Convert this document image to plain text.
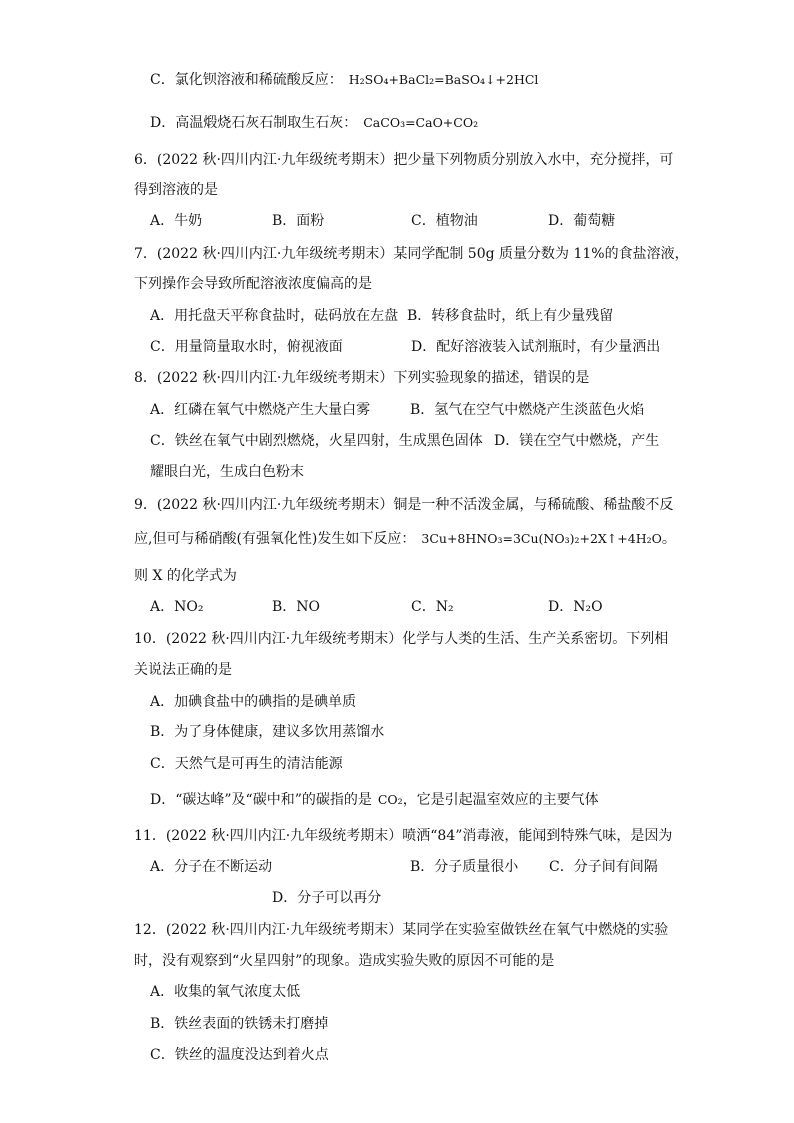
C．氯化钡溶液和稀硫酸反应： H₂SO₄+BaCl₂=BaSO₄↓+2HCl
D．高温煅烧石灰石制取生石灰： CaCO₃=CaO+CO₂
6．(2022 秋·四川内江·九年级统考期末）把少量下列物质分别放入水中，充分搅拌，可
得到溶液的是
A．牛奶	B．面粉	C．植物油	D．葡萄糖
7．(2022 秋·四川内江·九年级统考期末）某同学配制 50g 质量分数为 11%的食盐溶液，
下列操作会导致所配溶液浓度偏高的是
A．用托盘天平称食盐时，砝码放在左盘 B．转移食盐时，纸上有少量残留
C．用量筒量取水时，俯视液面	D．配好溶液装入试剂瓶时，有少量洒出
8．(2022 秋·四川内江·九年级统考期末）下列实验现象的描述，错误的是
A．红磷在氧气中燃烧产生大量白雾	B．氢气在空气中燃烧产生淡蓝色火焰
C．铁丝在氧气中剧烈燃烧，火星四射，生成黑色固体 D．镁在空气中燃烧，产生
耀眼白光，生成白色粉末
9．(2022 秋·四川内江·九年级统考期末）铜是一种不活泼金属，与稀硫酸、稀盐酸不反
应,但可与稀硝酸(有强氧化性)发生如下反应： 3Cu+8HNO₃=3Cu(NO₃)₂+2X↑+4H₂O。
则 X 的化学式为
A．NO₂	B．NO	C．N₂	D．N₂O
10．(2022 秋·四川内江·九年级统考期末）化学与人类的生活、生产关系密切。下列相
关说法正确的是
A．加碘食盐中的碘指的是碘单质
B．为了身体健康，建议多饮用蒸馏水
C．天然气是可再生的清洁能源
D．“碳达峰”及“碳中和”的碳指的是 CO₂，它是引起温室效应的主要气体
11．(2022 秋·四川内江·九年级统考期末）喷洒“84”消毒液，能闻到特殊气味，是因为
A．分子在不断运动	B．分子质量很小 C．分子间有间隔
D．分子可以再分
12．(2022 秋·四川内江·九年级统考期末）某同学在实验室做铁丝在氧气中燃烧的实验
时，没有观察到“火星四射”的现象。造成实验失败的原因不可能的是
A．收集的氧气浓度太低
B．铁丝表面的铁锈未打磨掉
C．铁丝的温度没达到着火点
